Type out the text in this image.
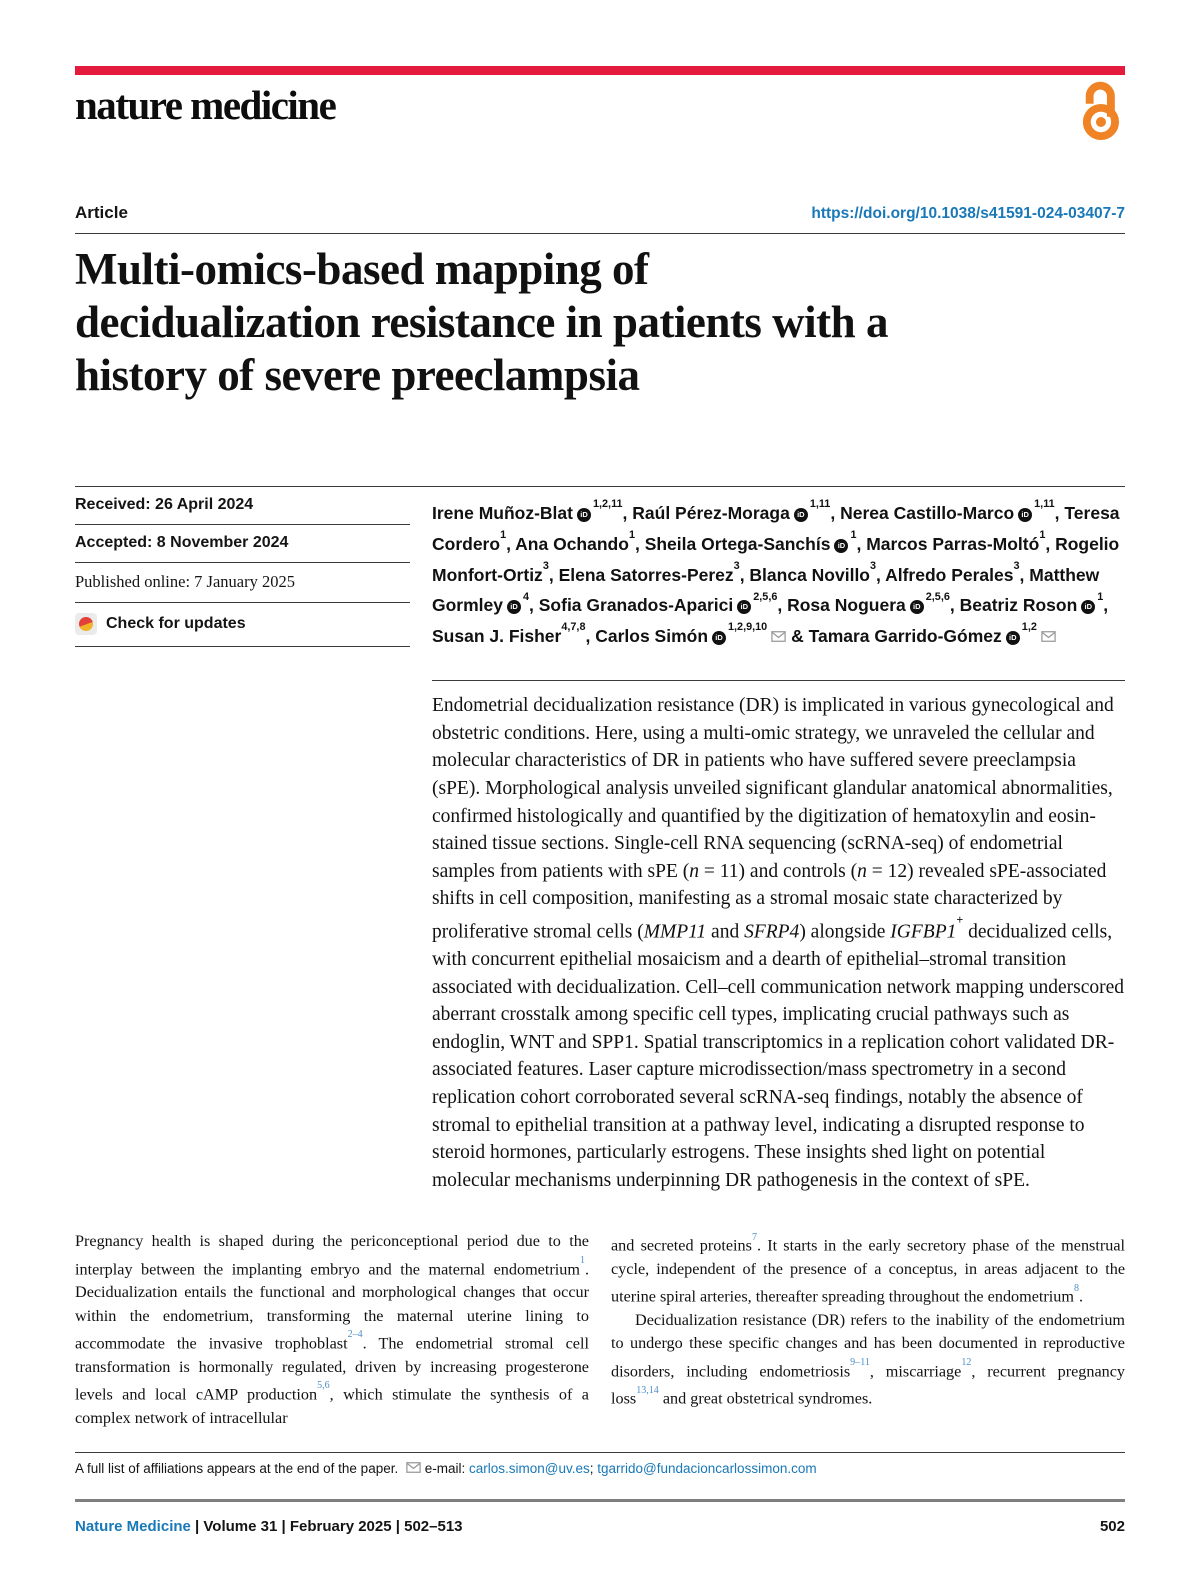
nature medicine
Article	https://doi.org/10.1038/s41591-024-03407-7
Multi-omics-based mapping of
decidualization resistance in patients with a
history of severe preeclampsia
Received: 26 April 2024
Accepted: 8 November 2024
Published online: 7 January 2025
Check for updates

Irene Muñoz-Blat iD$^{1,2,11}$, Raúl Pérez-Moraga iD$^{1,11}$, Nerea Castillo-Marco iD$^{1,11}$, Teresa Cordero$^1$, Ana Ochando$^1$, Sheila Ortega-Sanchís $iD^1$, Marcos Parras-Moltó$^1$, Rogelio Monfort-Ortiz$^3$, Elena Satorres-Perez$^3$, Blanca Novillo$^3$, Alfredo Perales$^3$, Matthew Gormley $iD^4$, Sofia Granados-Aparici iD$^{2,5,6}$, Rosa Noguera iD$^{2,5,6}$, Beatriz Roson $iD^1$, Susan J. Fisher$^{4,7,8}$, Carlos Simón iD$^{1,2,9,10}$ & Tamara Garrido-Gómez iD$^{1,2}$

Endometrial decidualization resistance (DR) is implicated in various gynecological and obstetric conditions. Here, using a multi-omic strategy, we unraveled the cellular and molecular characteristics of DR in patients who have suffered severe preeclampsia (sPE). Morphological analysis unveiled significant glandular anatomical abnormalities, confirmed histologically and quantified by the digitization of hematoxylin and eosin-stained tissue sections. Single-cell RNA sequencing (scRNA-seq) of endometrial samples from patients with sPE (n = 11) and controls (n = 12) revealed sPE-associated shifts in cell composition, manifesting as a stromal mosaic state characterized by proliferative stromal cells (MMP11 and SFRP4) alongside IGFBP1+ decidualized cells, with concurrent epithelial mosaicism and a dearth of epithelial–stromal transition associated with decidualization. Cell–cell communication network mapping underscored aberrant crosstalk among specific cell types, implicating crucial pathways such as endoglin, WNT and SPP1. Spatial transcriptomics in a replication cohort validated DR-associated features. Laser capture microdissection/mass spectrometry in a second replication cohort corroborated several scRNA-seq findings, notably the absence of stromal to epithelial transition at a pathway level, indicating a disrupted response to steroid hormones, particularly estrogens. These insights shed light on potential molecular mechanisms underpinning DR pathogenesis in the context of sPE.

Pregnancy health is shaped during the periconceptional period due to the interplay between the implanting embryo and the maternal endometrium$^1$. Decidualization entails the functional and morphological changes that occur within the endometrium, transforming the maternal uterine lining to accommodate the invasive trophoblast$^{2-4}$. The endometrial stromal cell transformation is hormonally regulated, driven by increasing progesterone levels and local cAMP production$^{5,6}$, which stimulate the synthesis of a complex network of intracellular

and secreted proteins$^7$. It starts in the early secretory phase of the menstrual cycle, independent of the presence of a conceptus, in areas adjacent to the uterine spiral arteries, thereafter spreading throughout the endometrium$^8$.

Decidualization resistance (DR) refers to the inability of the endometrium to undergo these specific changes and has been documented in reproductive disorders, including endometriosis$^{9-11}$, miscarriage$^{12}$, recurrent pregnancy loss$^{13,14}$ and great obstetrical syndromes.

A full list of affiliations appears at the end of the paper. e-mail: carlos.simon@uv.es; tgarrido@fundacioncarlossimon.com
Nature Medicine | Volume 31 | February 2025 | 502–513	502
